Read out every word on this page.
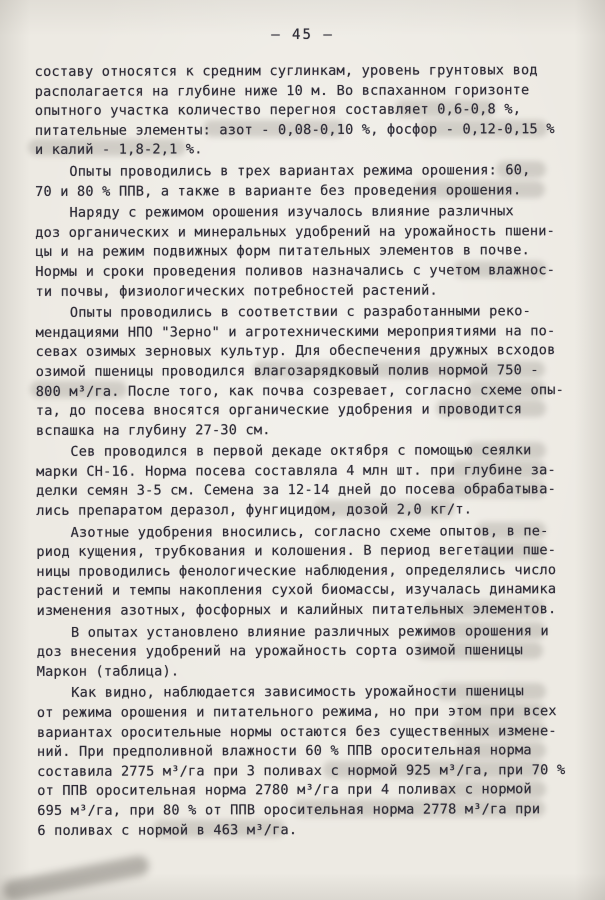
– 45 –

составу относятся к средним суглинкам, уровень грунтовых вод
располагается на глубине ниже 10 м. Во вспаханном горизонте
опытного участка количество перегноя составляет 0,6-0,8 %,
питательные элементы: азот - 0,08-0,10 %, фосфор - 0,12-0,15 %
и калий - 1,8-2,1 %.

Опыты проводились в трех вариантах режима орошения: 60,
70 и 80 % ППВ, а также в варианте без проведения орошения.

Наряду с режимом орошения изучалось влияние различных
доз органических и минеральных удобрений на урожайность пшени-
цы и на режим подвижных форм питательных элементов в почве.
Нормы и сроки проведения поливов назначались с учетом влажнос-
ти почвы, физиологических потребностей растений.

Опыты проводились в соответствии с разработанными реко-
мендациями НПО "Зерно" и агротехническими мероприятиями на по-
севах озимых зерновых культур. Для обеспечения дружных всходов
озимой пшеницы проводился влагозарядковый полив нормой 750 -
800 м³/га. После того, как почва созревает, согласно схеме опы-
та, до посева вносятся органические удобрения и проводится
вспашка на глубину 27-30 см.

Сев проводился в первой декаде октября с помощью сеялки
марки СН-16. Норма посева составляла 4 млн шт. при глубине за-
делки семян 3-5 см. Семена за 12-14 дней до посева обрабатыва-
лись препаратом деразол, фунгицидом, дозой 2,0 кг/т.

Азотные удобрения вносились, согласно схеме опытов, в пе-
риод кущения, трубкования и колошения. В период вегетации пше-
ницы проводились фенологические наблюдения, определялись число
растений и темпы накопления сухой биомассы, изучалась динамика
изменения азотных, фосфорных и калийных питательных элементов.

В опытах установлено влияние различных режимов орошения и
доз внесения удобрений на урожайность сорта озимой пшеницы
Маркон (таблица).

Как видно, наблюдается зависимость урожайности пшеницы
от режима орошения и питательного режима, но при этом при всех
вариантах оросительные нормы остаются без существенных измене-
ний. При предполивной влажности 60 % ППВ оросительная норма
составила 2775 м³/га при 3 поливах с нормой 925 м³/га, при 70 %
от ППВ оросительная норма 2780 м³/га при 4 поливах с нормой
695 м³/га, при 80 % от ППВ оросительная норма 2778 м³/га при
6 поливах с нормой в 463 м³/га.
